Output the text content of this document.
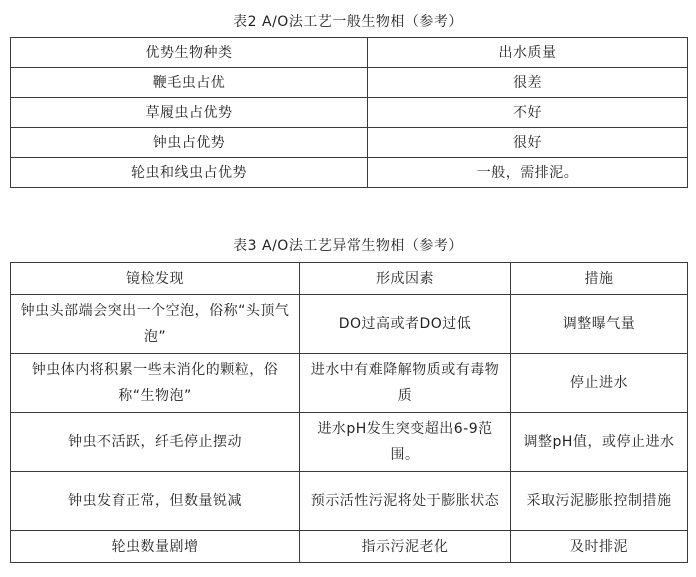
表2 A/O法工艺一般生物相（参考）
优势生物种类	出水质量
鞭毛虫占优	很差
草履虫占优势	不好
钟虫占优势	很好
轮虫和线虫占优势	一般，需排泥。
表3 A/O法工艺异常生物相（参考）
镜检发现	形成因素	措施
钟虫头部端会突出一个空泡，俗称“头顶气泡”	DO过高或者DO过低	调整曝气量
钟虫体内将积累一些未消化的颗粒，俗称“生物泡”	进水中有难降解物质或有毒物质	停止进水
钟虫不活跃，纤毛停止摆动	进水pH发生突变超出6-9范围。	调整pH值，或停止进水
钟虫发育正常，但数量锐减	预示活性污泥将处于膨胀状态	采取污泥膨胀控制措施
轮虫数量剧增	指示污泥老化	及时排泥
